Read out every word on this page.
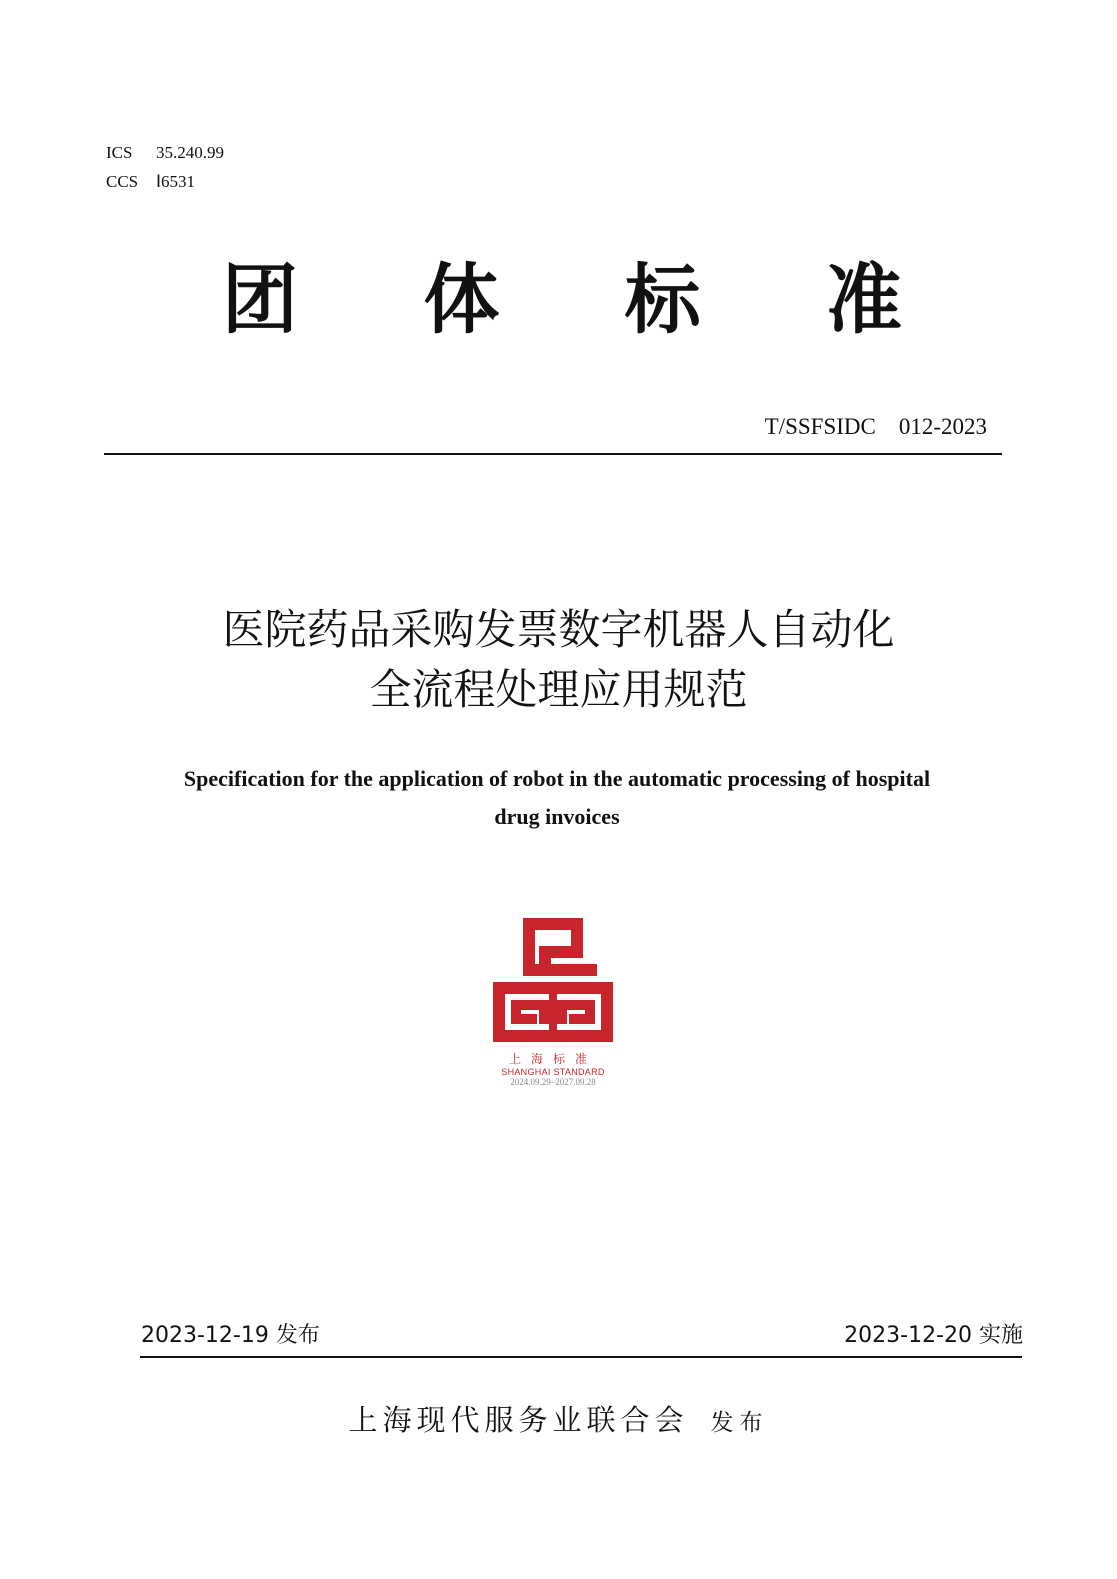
ICS	35.240.99
CCS	Ⅰ6531
团 体 标 准
T/SSFSIDC　012-2023
医院药品采购发票数字机器人自动化
全流程处理应用规范
Specification for the application of robot in the automatic processing of hospital
drug invoices
上海标准
SHANGHAI STANDARD
2024.09.29–2027.09.28
2023-12-19 发布	2023-12-20 实施
上海现代服务业联合会 发布
